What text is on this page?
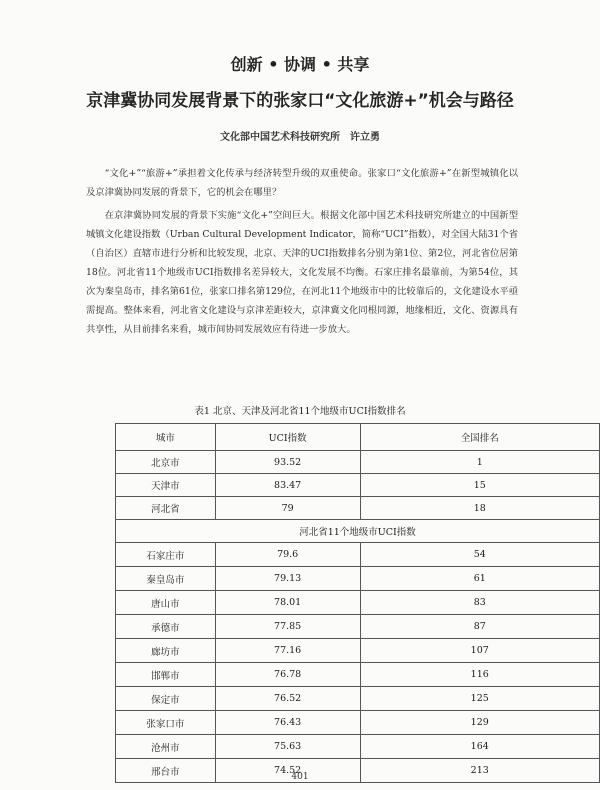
创新 • 协调 • 共享
京津冀协同发展背景下的张家口“文化旅游+”机会与路径
文化部中国艺术科技研究所　许立勇

“文化+”“旅游+”承担着文化传承与经济转型升级的双重使命。张家口“文化旅游+”在新型城镇化以及京津冀协同发展的背景下，它的机会在哪里？

在京津冀协同发展的背景下实施“文化+”空间巨大。根据文化部中国艺术科技研究所建立的中国新型城镇文化建设指数（Urban Cultural Development Indicator，简称“UCI”指数），对全国大陆31个省（自治区）直辖市进行分析和比较发现，北京、天津的UCI指数排名分别为第1位、第2位，河北省位居第18位。河北省11个地级市UCI指数排名差异较大，文化发展不均衡。石家庄排名最靠前，为第54位，其次为秦皇岛市，排名第61位，张家口排名第129位，在河北11个地级市中的比较靠后的，文化建设水平亟需提高。整体来看，河北省文化建设与京津差距较大，京津冀文化同根同源，地缘相近，文化、资源具有共享性，从目前排名来看，城市间协同发展效应有待进一步放大。

表1 北京、天津及河北省11个地级市UCI指数排名
城市	UCI指数	全国排名
北京市	93.52	1
天津市	83.47	15
河北省	79	18
河北省11个地级市UCI指数		
石家庄市	79.6	54
秦皇岛市	79.13	61
唐山市	78.01	83
承德市	77.85	87
廊坊市	77.16	107
邯郸市	76.78	116
保定市	76.52	125
张家口市	76.43	129
沧州市	75.63	164
邢台市	74.52	213
401
